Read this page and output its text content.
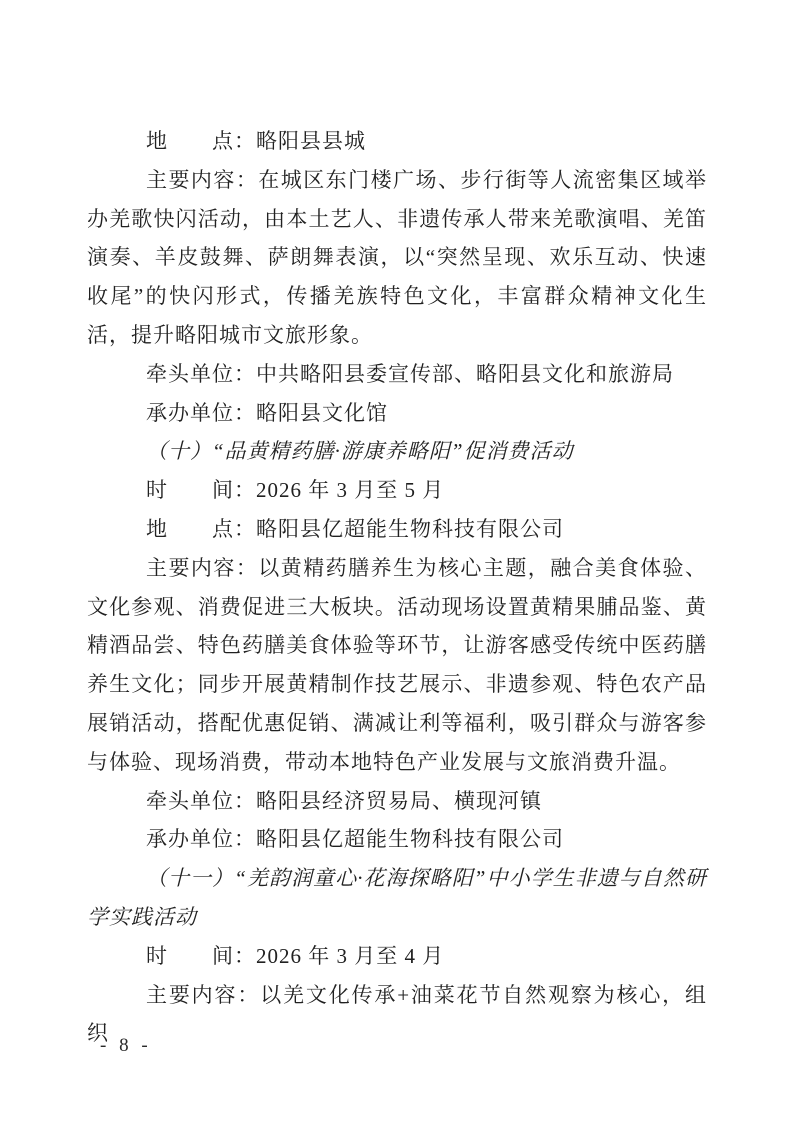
地　　点：略阳县县城

主要内容：在城区东门楼广场、步行街等人流密集区域举办羌歌快闪活动，由本土艺人、非遗传承人带来羌歌演唱、羌笛演奏、羊皮鼓舞、萨朗舞表演，以“突然呈现、欢乐互动、快速收尾”的快闪形式，传播羌族特色文化，丰富群众精神文化生活，提升略阳城市文旅形象。

牵头单位：中共略阳县委宣传部、略阳县文化和旅游局

承办单位：略阳县文化馆

（十）“品黄精药膳·游康养略阳”促消费活动

时　　间：2026 年 3 月至 5 月

地　　点：略阳县亿超能生物科技有限公司

主要内容：以黄精药膳养生为核心主题，融合美食体验、文化参观、消费促进三大板块。活动现场设置黄精果脯品鉴、黄精酒品尝、特色药膳美食体验等环节，让游客感受传统中医药膳养生文化；同步开展黄精制作技艺展示、非遗参观、特色农产品展销活动，搭配优惠促销、满减让利等福利，吸引群众与游客参与体验、现场消费，带动本地特色产业发展与文旅消费升温。

牵头单位：略阳县经济贸易局、横现河镇

承办单位：略阳县亿超能生物科技有限公司

（十一）“羌韵润童心·花海探略阳”中小学生非遗与自然研学实践活动

时　　间：2026 年 3 月至 4 月

主要内容：以羌文化传承+油菜花节自然观察为核心，组织

- 8 -
